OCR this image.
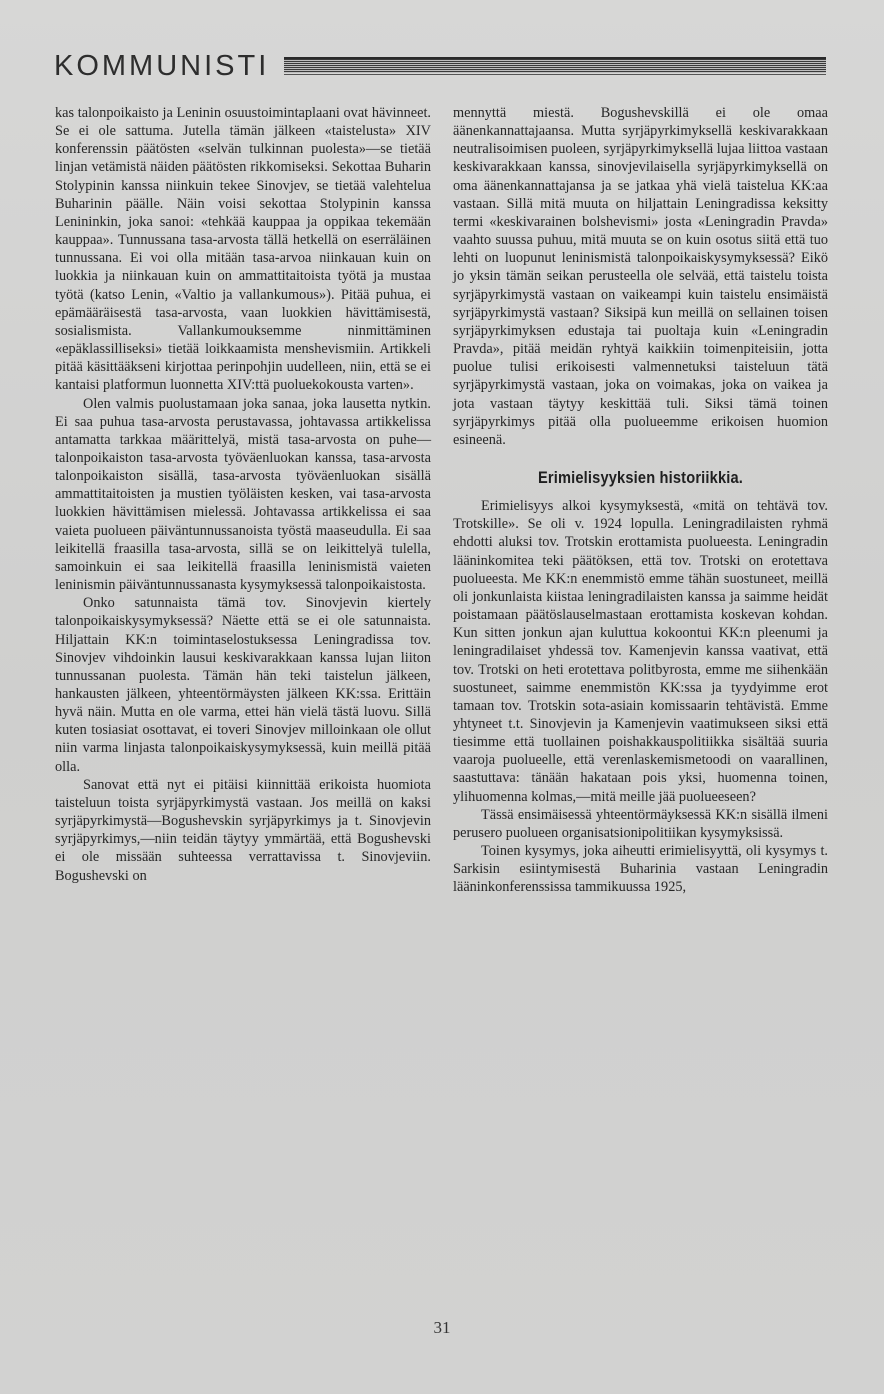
KOMMUNISTI

kas talonpoikaisto ja Leninin osuustoimintaplaani ovat hävinneet. Se ei ole sattuma. Jutella tämän jälkeen «taistelusta» XIV konferenssin päätösten «selvän tulkinnan puolesta»—se tietää linjan vetämistä näiden päätösten rikkomiseksi. Sekottaa Buharin Stolypinin kanssa niinkuin tekee Sinovjev, se tietää valehtelua Buharinin päälle. Näin voisi sekottaa Stolypinin kanssa Lenininkin, joka sanoi: «tehkää kauppaa ja oppikaa tekemään kauppaa». Tunnussana tasa-arvosta tällä hetkellä on eserräläinen tunnussana. Ei voi olla mitään tasa-arvoa niinkauan kuin on luokkia ja niinkauan kuin on ammattitaitoista työtä ja mustaa työtä (katso Lenin, «Valtio ja vallankumous»). Pitää puhua, ei epämääräisestä tasa-arvosta, vaan luokkien hävittämisestä, sosialismista. Vallankumouksemme ninmittäminen «epäklassilliseksi» tietää loikkaamista menshevismiin. Artikkeli pitää käsittääkseni kirjottaa perinpohjin uudelleen, niin, että se ei kantaisi platformun luonnetta XIV:ttä puoluekokousta varten».

Olen valmis puolustamaan joka sanaa, joka lausetta nytkin. Ei saa puhua tasa-arvosta perustavassa, johtavassa artikkelissa antamatta tarkkaa määrittelyä, mistä tasa-arvosta on puhe—talonpoikaiston tasa-arvosta työväenluokan kanssa, tasa-arvosta talonpoikaiston sisällä, tasa-arvosta työväenluokan sisällä ammattitaitoisten ja mustien työläisten kesken, vai tasa-arvosta luokkien hävittämisen mielessä. Johtavassa artikkelissa ei saa vaieta puolueen päiväntunnussanoista työstä maaseudulla. Ei saa leikitellä fraasilla tasa-arvosta, sillä se on leikittelyä tulella, samoinkuin ei saa leikitellä fraasilla leninismistä vaieten leninismin päiväntunnussanasta kysymyksessä talonpoikaistosta.

Onko satunnaista tämä tov. Sinovjevin kiertely talonpoikaiskysymyksessä? Näette että se ei ole satunnaista. Hiljattain KK:n toimintaselostuksessa Leningradissa tov. Sinovjev vihdoinkin lausui keskivarakkaan kanssa lujan liiton tunnussanan puolesta. Tämän hän teki taistelun jälkeen, hankausten jälkeen, yhteentörmäysten jälkeen KK:ssa. Erittäin hyvä näin. Mutta en ole varma, ettei hän vielä tästä luovu. Sillä kuten tosiasiat osottavat, ei toveri Sinovjev milloinkaan ole ollut niin varma linjasta talonpoikaiskysymyksessä, kuin meillä pitää olla.

Sanovat että nyt ei pitäisi kiinnittää erikoista huomiota taisteluun toista syrjäpyrkimystä vastaan. Jos meillä on kaksi syrjäpyrkimystä—Bogushevskin syrjäpyrkimys ja t. Sinovjevin syrjäpyrkimys,—niin teidän täytyy ymmärtää, että Bogushevski ei ole missään suhteessa verrattavissa t. Sinovjeviin. Bogushevski on

mennyttä miestä. Bogushevskillä ei ole omaa äänenkannattajaansa. Mutta syrjäpyrkimyksellä keskivarakkaan neutralisoimisen puoleen, syrjäpyrkimyksellä lujaa liittoa vastaan keskivarakkaan kanssa, sinovjevilaisella syrjäpyrkimyksellä on oma äänenkannattajansa ja se jatkaa yhä vielä taistelua KK:aa vastaan. Sillä mitä muuta on hiljattain Leningradissa keksitty termi «keskivarainen bolshevismi» josta «Leningradin Pravda» vaahto suussa puhuu, mitä muuta se on kuin osotus siitä että tuo lehti on luopunut leninismistä talonpoikaiskysymyksessä? Eikö jo yksin tämän seikan perusteella ole selvää, että taistelu toista syrjäpyrkimystä vastaan on vaikeampi kuin taistelu ensimäistä syrjäpyrkimystä vastaan? Siksipä kun meillä on sellainen toisen syrjäpyrkimyksen edustaja tai puoltaja kuin «Leningradin Pravda», pitää meidän ryhtyä kaikkiin toimenpiteisiin, jotta puolue tulisi erikoisesti valmennetuksi taisteluun tätä syrjäpyrkimystä vastaan, joka on voimakas, joka on vaikea ja jota vastaan täytyy keskittää tuli. Siksi tämä toinen syrjäpyrkimys pitää olla puolueemme erikoisen huomion esineenä.

Erimielisyyksien historiikkia.

Erimielisyys alkoi kysymyksestä, «mitä on tehtävä tov. Trotskille». Se oli v. 1924 lopulla. Leningradilaisten ryhmä ehdotti aluksi tov. Trotskin erottamista puolueesta. Leningradin lääninkomitea teki päätöksen, että tov. Trotski on erotettava puolueesta. Me KK:n enemmistö emme tähän suostuneet, meillä oli jonkunlaista kiistaa leningradilaisten kanssa ja saimme heidät poistamaan päätöslauselmastaan erottamista koskevan kohdan. Kun sitten jonkun ajan kuluttua kokoontui KK:n pleenumi ja leningradilaiset yhdessä tov. Kamenjevin kanssa vaativat, että tov. Trotski on heti erotettava politbyrosta, emme me siihenkään suostuneet, saimme enemmistön KK:ssa ja tyydyimme erot tamaan tov. Trotskin sota-asiain komissaarin tehtävistä. Emme yhtyneet t.t. Sinovjevin ja Kamenjevin vaatimukseen siksi että tiesimme että tuollainen poishakkauspolitiikka sisältää suuria vaaroja puolueelle, että verenlaskemismetoodi on vaarallinen, saastuttava: tänään hakataan pois yksi, huomenna toinen, ylihuomenna kolmas,—mitä meille jää puolueeseen?

Tässä ensimäisessä yhteentörmäyksessä KK:n sisällä ilmeni perusero puolueen organisatsionipolitiikan kysymyksissä.

Toinen kysymys, joka aiheutti erimielisyyttä, oli kysymys t. Sarkisin esiintymisestä Buharinia vastaan Leningradin lääninkonferenssissa tammikuussa 1925,

31
